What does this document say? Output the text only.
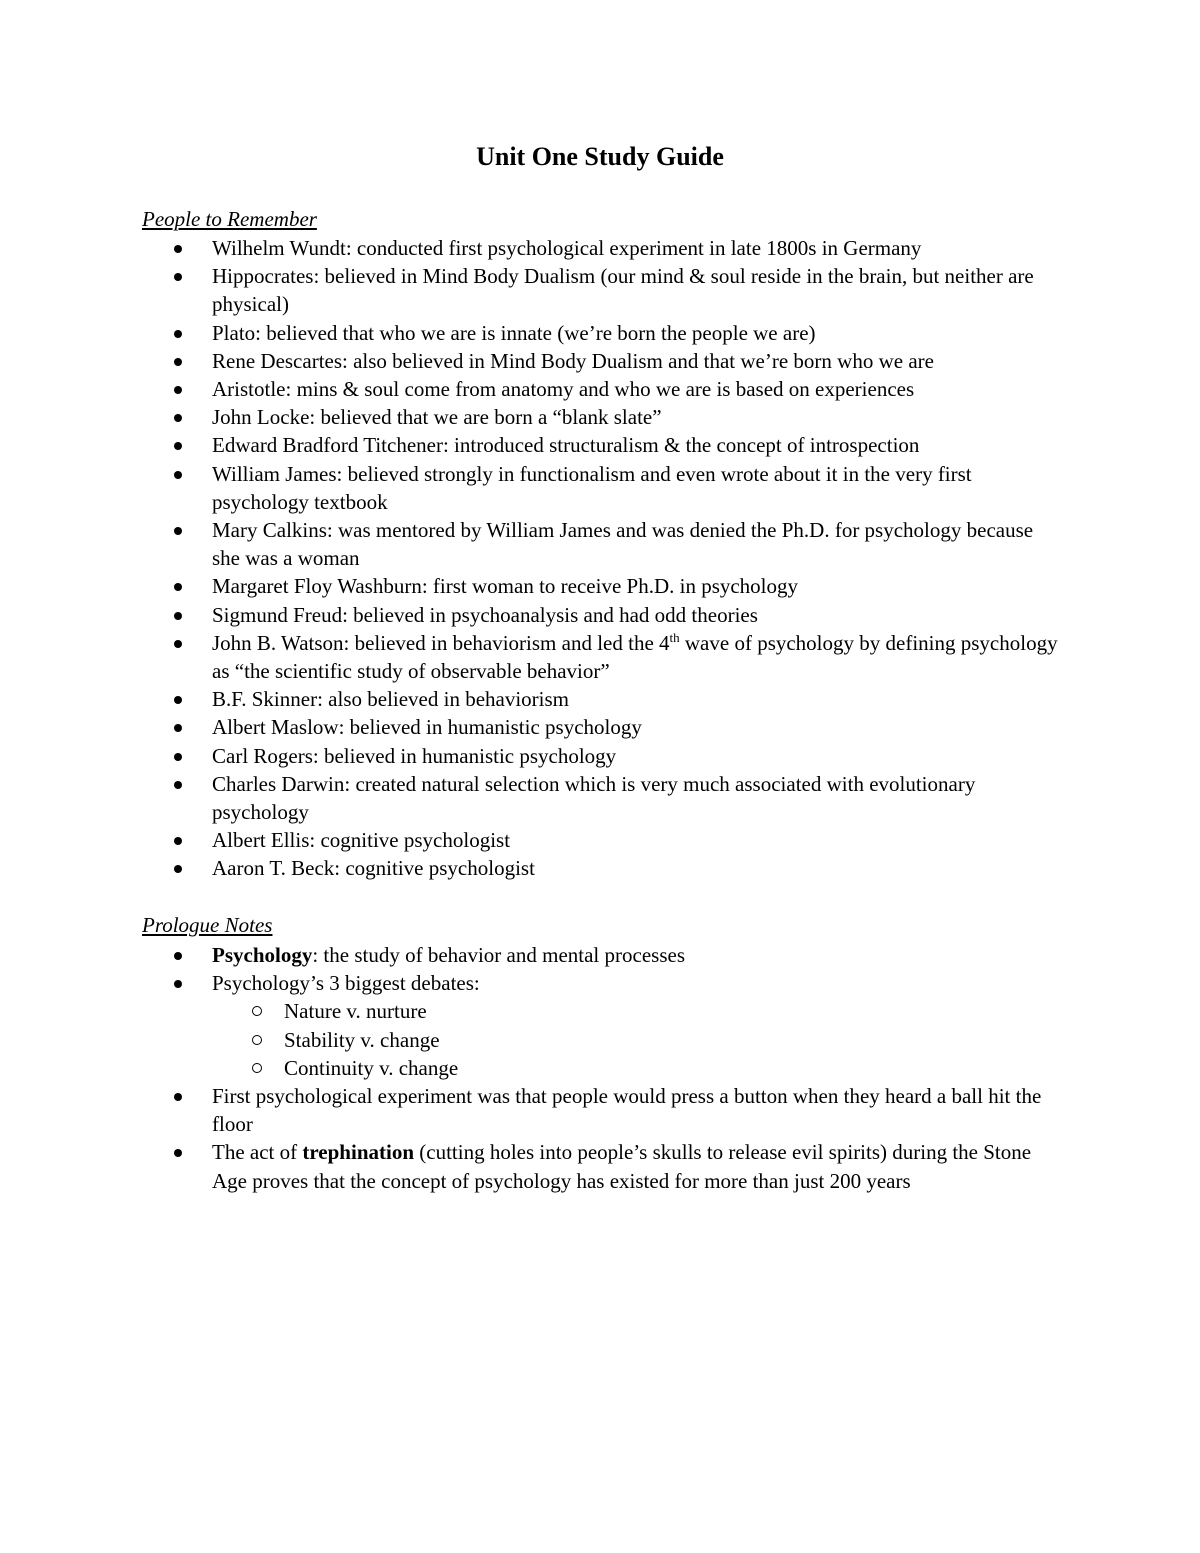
Unit One Study Guide
People to Remember
Wilhelm Wundt: conducted first psychological experiment in late 1800s in Germany
Hippocrates: believed in Mind Body Dualism (our mind & soul reside in the brain, but neither are physical)
Plato: believed that who we are is innate (we’re born the people we are)
Rene Descartes: also believed in Mind Body Dualism and that we’re born who we are
Aristotle: mins & soul come from anatomy and who we are is based on experiences
John Locke: believed that we are born a “blank slate”
Edward Bradford Titchener: introduced structuralism & the concept of introspection
William James: believed strongly in functionalism and even wrote about it in the very first psychology textbook
Mary Calkins: was mentored by William James and was denied the Ph.D. for psychology because she was a woman
Margaret Floy Washburn: first woman to receive Ph.D. in psychology
Sigmund Freud: believed in psychoanalysis and had odd theories
John B. Watson: believed in behaviorism and led the 4th wave of psychology by defining psychology as “the scientific study of observable behavior”
B.F. Skinner: also believed in behaviorism
Albert Maslow: believed in humanistic psychology
Carl Rogers: believed in humanistic psychology
Charles Darwin: created natural selection which is very much associated with evolutionary psychology
Albert Ellis: cognitive psychologist
Aaron T. Beck: cognitive psychologist
Prologue Notes
Psychology: the study of behavior and mental processes
Psychology’s 3 biggest debates:
Nature v. nurture
Stability v. change
Continuity v. change
First psychological experiment was that people would press a button when they heard a ball hit the floor
The act of trephination (cutting holes into people’s skulls to release evil spirits) during the Stone Age proves that the concept of psychology has existed for more than just 200 years
